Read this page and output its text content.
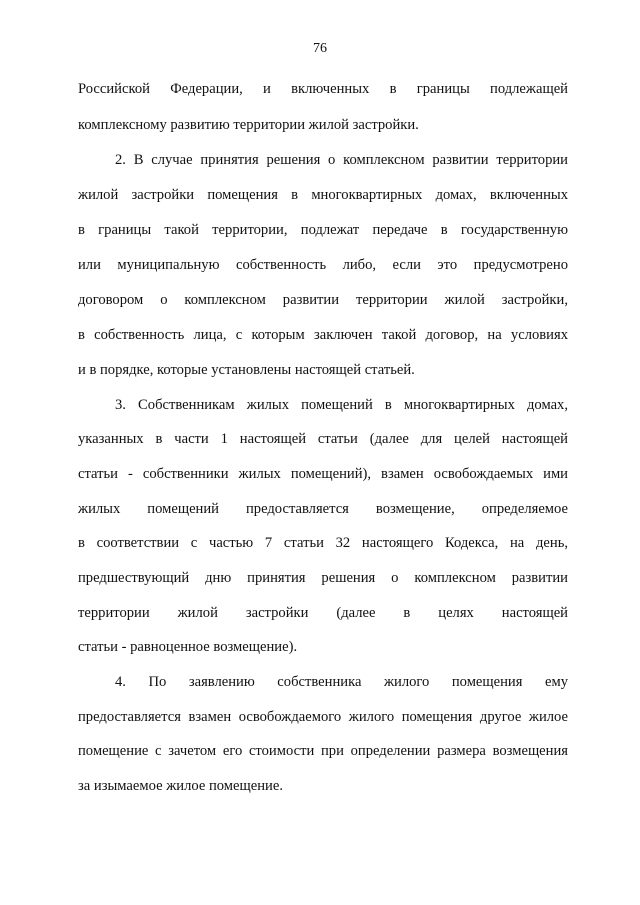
76
Российской Федерации, и включенных в границы подлежащей
комплексному развитию территории жилой застройки.
2. В случае принятия решения о комплексном развитии территории
жилой застройки помещения в многоквартирных домах, включенных
в границы такой территории, подлежат передаче в государственную
или муниципальную собственность либо, если это предусмотрено
договором о комплексном развитии территории жилой застройки,
в собственность лица, с которым заключен такой договор, на условиях
и в порядке, которые установлены настоящей статьей.
3. Собственникам жилых помещений в многоквартирных домах,
указанных в части 1 настоящей статьи (далее для целей настоящей
статьи - собственники жилых помещений), взамен освобождаемых ими
жилых помещений предоставляется возмещение, определяемое
в соответствии с частью 7 статьи 32 настоящего Кодекса, на день,
предшествующий дню принятия решения о комплексном развитии
территории жилой застройки (далее в целях настоящей
статьи - равноценное возмещение).
4. По заявлению собственника жилого помещения ему
предоставляется взамен освобождаемого жилого помещения другое жилое
помещение с зачетом его стоимости при определении размера возмещения
за изымаемое жилое помещение.
